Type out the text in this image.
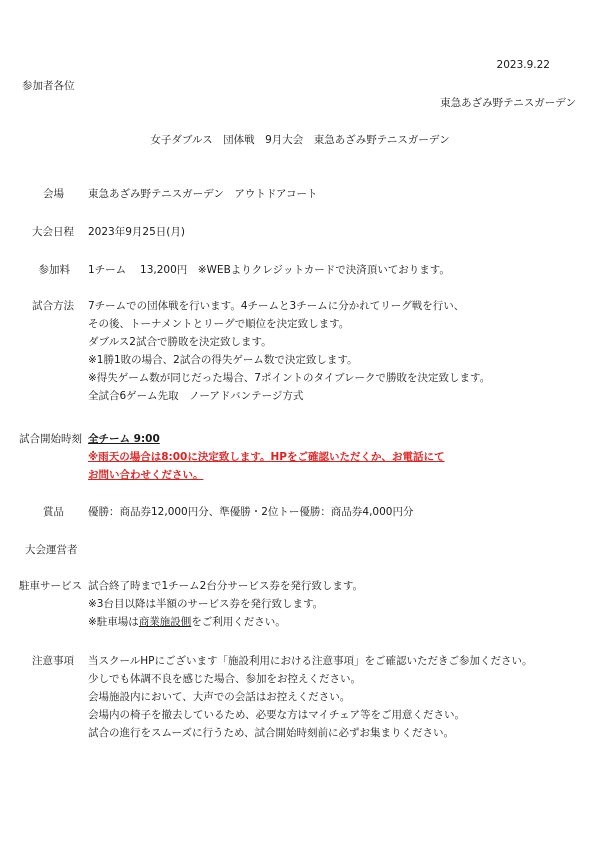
2023.9.22
参加者各位
東急あざみ野テニスガーデン
女子ダブルス　団体戦　9月大会　東急あざみ野テニスガーデン
会場 東急あざみ野テニスガーデン　アウトドアコート
大会日程 2023年9月25日(月)
参加料 1チーム　 13,200円　※WEBよりクレジットカードで決済頂いております。
試合方法 7チームでの団体戦を行います。4チームと3チームに分かれてリーグ戦を行い、
その後、トーナメントとリーグで順位を決定致します。
ダブルス2試合で勝敗を決定致します。
※1勝1敗の場合、2試合の得失ゲーム数で決定致します。
※得失ゲーム数が同じだった場合、7ポイントのタイブレークで勝敗を決定致します。
全試合6ゲーム先取　ノーアドバンテージ方式
試合開始時刻 全チーム 9:00
※雨天の場合は8:00に決定致します。HPをご確認いただくか、お電話にて
お問い合わせください。
賞品 優勝：商品券12,000円分、準優勝・2位トー優勝：商品券4,000円分
大会運営者
駐車サービス 試合終了時まで1チーム2台分サービス券を発行致します。
※3台目以降は半額のサービス券を発行致します。
※駐車場は商業施設側をご利用ください。
注意事項 当スクールHPにございます「施設利用における注意事項」をご確認いただきご参加ください。
少しでも体調不良を感じた場合、参加をお控えください。
会場施設内において、大声での会話はお控えください。
会場内の椅子を撤去しているため、必要な方はマイチェア等をご用意ください。
試合の進行をスムーズに行うため、試合開始時刻前に必ずお集まりください。
